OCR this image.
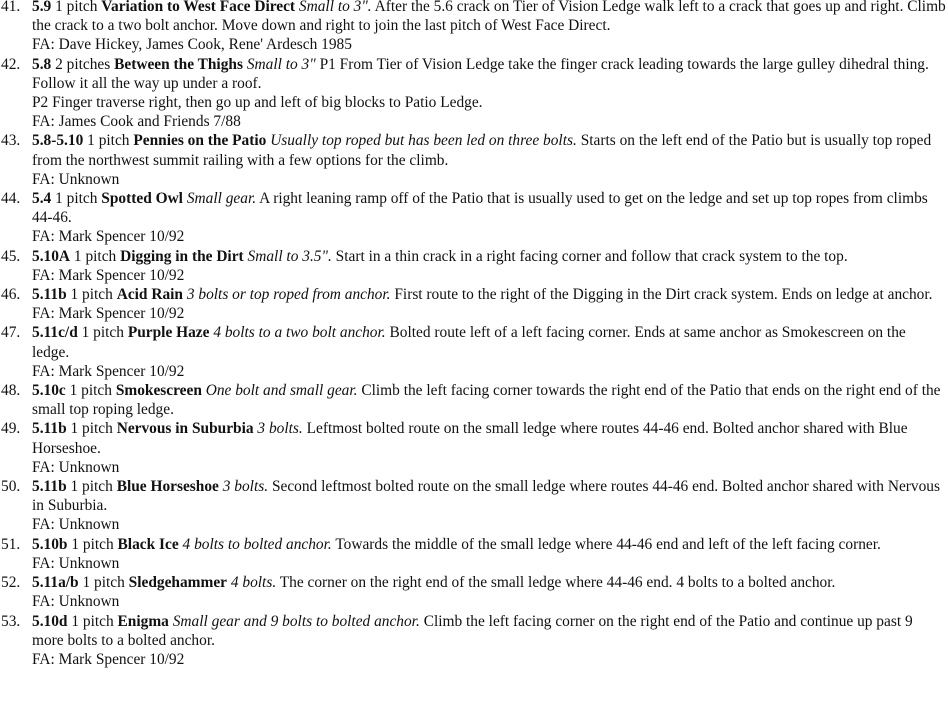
41. 5.9 1 pitch Variation to West Face Direct Small to 3". After the 5.6 crack on Tier of Vision Ledge walk left to a crack that goes up and right. Climb the crack to a two bolt anchor. Move down and right to join the last pitch of West Face Direct.
FA: Dave Hickey, James Cook, Rene' Ardesch 1985
42. 5.8 2 pitches Between the Thighs Small to 3" P1 From Tier of Vision Ledge take the finger crack leading towards the large gulley dihedral thing. Follow it all the way up under a roof.
P2 Finger traverse right, then go up and left of big blocks to Patio Ledge.
FA: James Cook and Friends 7/88
43. 5.8-5.10 1 pitch Pennies on the Patio Usually top roped but has been led on three bolts. Starts on the left end of the Patio but is usually top roped from the northwest summit railing with a few options for the climb.
FA: Unknown
44. 5.4 1 pitch Spotted Owl Small gear. A right leaning ramp off of the Patio that is usually used to get on the ledge and set up top ropes from climbs 44-46.
FA: Mark Spencer 10/92
45. 5.10A 1 pitch Digging in the Dirt Small to 3.5". Start in a thin crack in a right facing corner and follow that crack system to the top.
FA: Mark Spencer 10/92
46. 5.11b 1 pitch Acid Rain 3 bolts or top roped from anchor. First route to the right of the Digging in the Dirt crack system. Ends on ledge at anchor.
FA: Mark Spencer 10/92
47. 5.11c/d 1 pitch Purple Haze 4 bolts to a two bolt anchor. Bolted route left of a left facing corner. Ends at same anchor as Smokescreen on the ledge.
FA: Mark Spencer 10/92
48. 5.10c 1 pitch Smokescreen One bolt and small gear. Climb the left facing corner towards the right end of the Patio that ends on the right end of the small top roping ledge.
49. 5.11b 1 pitch Nervous in Suburbia 3 bolts. Leftmost bolted route on the small ledge where routes 44-46 end. Bolted anchor shared with Blue Horseshoe.
FA: Unknown
50. 5.11b 1 pitch Blue Horseshoe 3 bolts. Second leftmost bolted route on the small ledge where routes 44-46 end. Bolted anchor shared with Nervous in Suburbia.
FA: Unknown
51. 5.10b 1 pitch Black Ice 4 bolts to bolted anchor. Towards the middle of the small ledge where 44-46 end and left of the left facing corner.
FA: Unknown
52. 5.11a/b 1 pitch Sledgehammer 4 bolts. The corner on the right end of the small ledge where 44-46 end. 4 bolts to a bolted anchor.
FA: Unknown
53. 5.10d 1 pitch Enigma Small gear and 9 bolts to bolted anchor. Climb the left facing corner on the right end of the Patio and continue up past 9 more bolts to a bolted anchor.
FA: Mark Spencer 10/92
